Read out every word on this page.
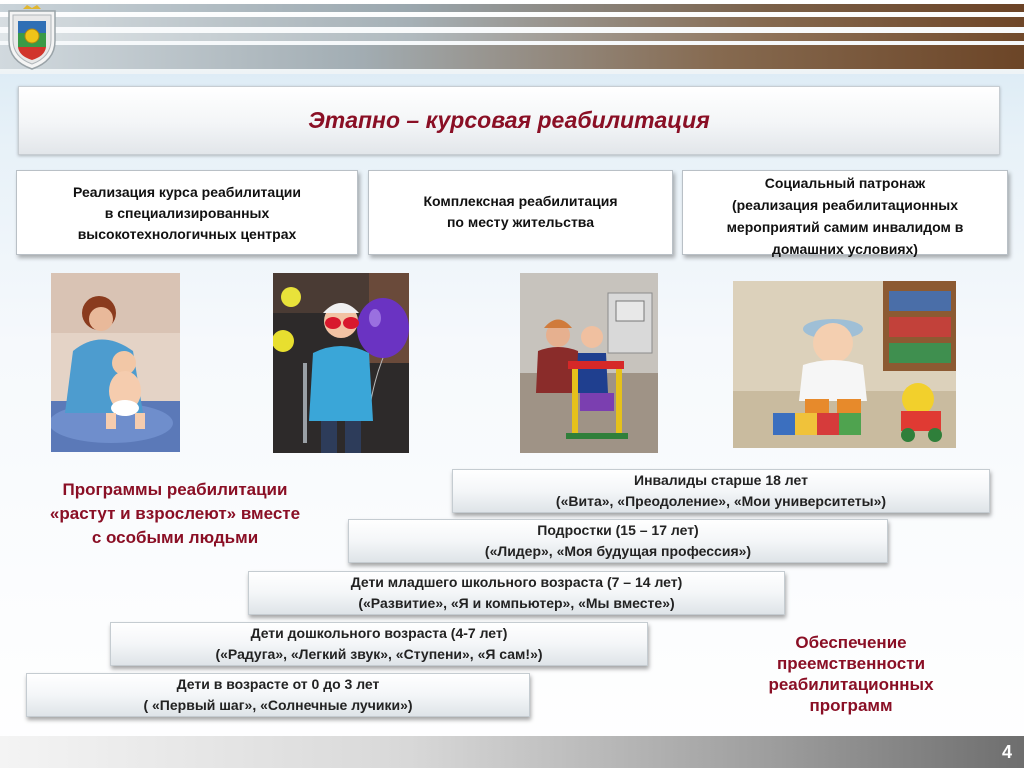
Этапно – курсовая реабилитация
Реализация курса реабилитации
в специализированных
высокотехнологичных центрах
Комплексная реабилитация
по месту жительства
Социальный патронаж
(реализация реабилитационных
мероприятий самим инвалидом в
домашних условиях)
Программы реабилитации
«растут и взрослеют» вместе
с особыми людьми
Инвалиды старше 18 лет
(«Вита», «Преодоление», «Мои университеты»)
Подростки (15 – 17 лет)
(«Лидер», «Моя будущая профессия»)
Дети младшего школьного возраста (7 – 14 лет)
(«Развитие», «Я и компьютер», «Мы вместе»)
Дети дошкольного возраста (4-7 лет)
(«Радуга», «Легкий звук», «Ступени», «Я сам!»)
Дети в возрасте от 0 до 3 лет
( «Первый шаг», «Солнечные лучики»)
Обеспечение
преемственности
реабилитационных
программ
4
